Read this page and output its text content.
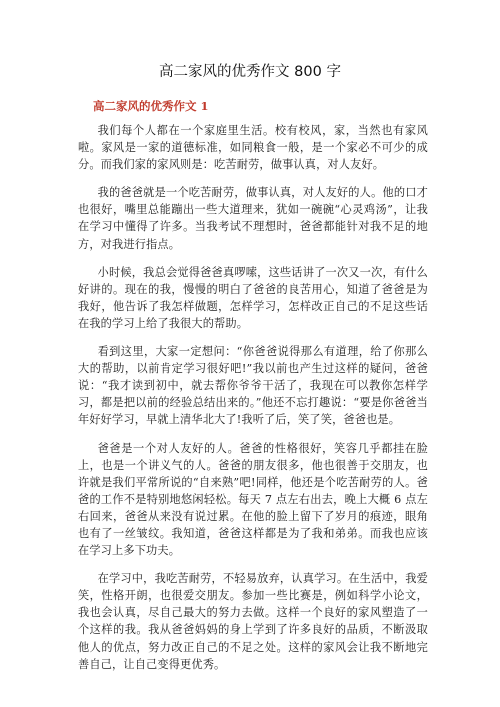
高二家风的优秀作文 800 字
高二家风的优秀作文 1

我们每个人都在一个家庭里生活。校有校风，家，当然也有家风啦。家风是一家的道德标准，如同粮食一般，是一个家必不可少的成分。而我们家的家风则是：吃苦耐劳，做事认真，对人友好。

我的爸爸就是一个吃苦耐劳，做事认真，对人友好的人。他的口才也很好，嘴里总能蹦出一些大道理来，犹如一碗碗“心灵鸡汤”，让我在学习中懂得了许多。当我考试不理想时，爸爸都能针对我不足的地方，对我进行指点。

小时候，我总会觉得爸爸真啰嗦，这些话讲了一次又一次，有什么好讲的。现在的我，慢慢的明白了爸爸的良苦用心，知道了爸爸是为我好，他告诉了我怎样做题，怎样学习，怎样改正自己的不足这些话在我的学习上给了我很大的帮助。

看到这里，大家一定想问：“你爸爸说得那么有道理，给了你那么大的帮助，以前肯定学习很好吧!”我以前也产生过这样的疑问，爸爸说：“我才读到初中，就去帮你爷爷干活了，我现在可以教你怎样学习，都是把以前的经验总结出来的。”他还不忘打趣说：“要是你爸爸当年好好学习，早就上清华北大了!我听了后，笑了笑，爸爸也是。

爸爸是一个对人友好的人。爸爸的性格很好，笑容几乎都挂在脸上，也是一个讲义气的人。爸爸的朋友很多，他也很善于交朋友，也许就是我们平常所说的“自来熟”吧!同样，他还是个吃苦耐劳的人。爸爸的工作不是特别地悠闲轻松。每天 7 点左右出去，晚上大概 6 点左右回来，爸爸从来没有说过累。在他的脸上留下了岁月的痕迹，眼角也有了一丝皱纹。我知道，爸爸这样都是为了我和弟弟。而我也应该在学习上多下功夫。

在学习中，我吃苦耐劳，不轻易放弃，认真学习。在生活中，我爱笑，性格开朗，也很爱交朋友。参加一些比赛是，例如科学小论文，我也会认真，尽自己最大的努力去做。这样一个良好的家风塑造了一个这样的我。我从爸爸妈妈的身上学到了许多良好的品质，不断汲取他人的优点，努力改正自己的不足之处。这样的家风会让我不断地完善自己，让自己变得更优秀。
